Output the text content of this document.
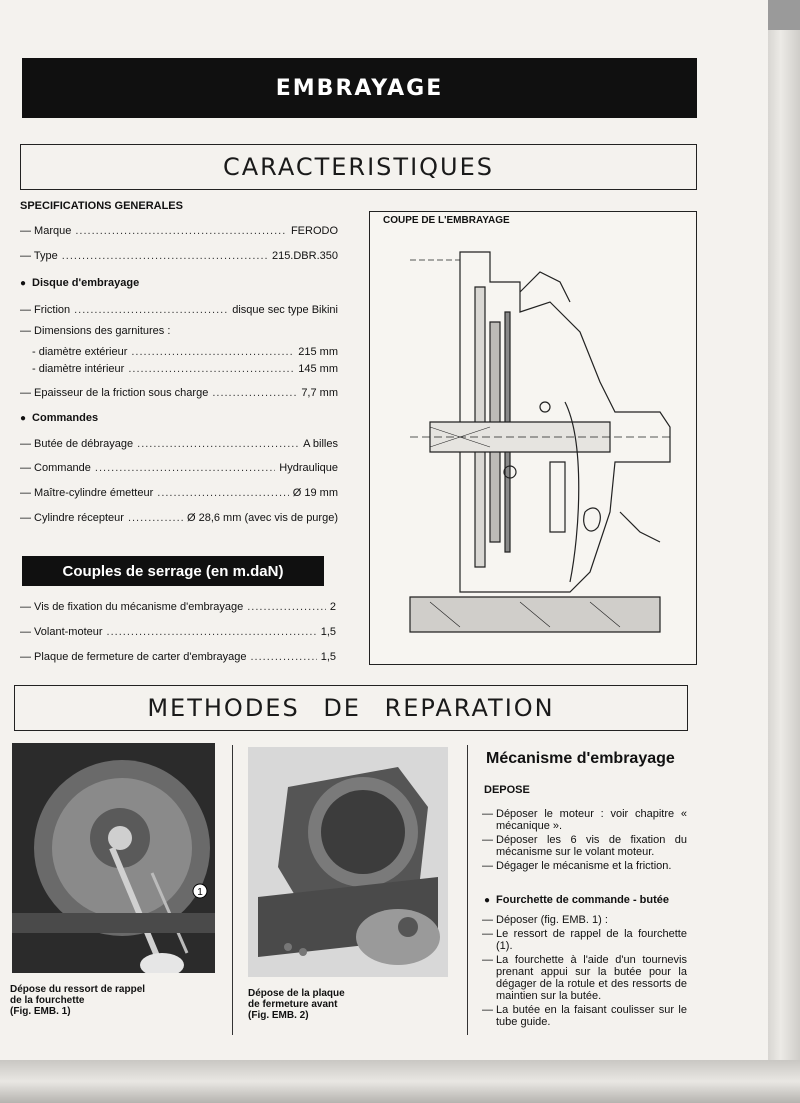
EMBRAYAGE
CARACTERISTIQUES
SPECIFICATIONS GENERALES
— Marque .....	FERODO
— Type .....	215.DBR.350
● Disque d'embrayage
— Friction .....	disque sec type Bikini
— Dimensions des garnitures :
- diamètre extérieur .....	215 mm
- diamètre intérieur .....	145 mm
— Epaisseur de la friction sous charge .....	7,7 mm
● Commandes
— Butée de débrayage .....	A billes
— Commande .....	Hydraulique
— Maître-cylindre émetteur .....	Ø 19 mm
— Cylindre récepteur .....	Ø 28,6 mm (avec vis de purge)
Couples de serrage (en m.daN)
— Vis de fixation du mécanisme d'embrayage .....	2
— Volant-moteur .....	1,5
— Plaque de fermeture de carter d'embrayage .....	1,5
COUPE DE L'EMBRAYAGE
METHODES DE REPARATION
1
Dépose du ressort de rappel
de la fourchette
(Fig. EMB. 1)
Dépose de la plaque
de fermeture avant
(Fig. EMB. 2)
Mécanisme d'embrayage
DEPOSE
— Déposer le moteur : voir chapitre « mécanique ».
— Déposer les 6 vis de fixation du mécanisme sur le volant moteur.
— Dégager le mécanisme et la friction.
● Fourchette de commande - butée
— Déposer (fig. EMB. 1) :
— Le ressort de rappel de la fourchette (1).
— La fourchette à l'aide d'un tournevis prenant appui sur la butée pour la dégager de la rotule et des ressorts de maintien sur la butée.
— La butée en la faisant coulisser sur le tube guide.
